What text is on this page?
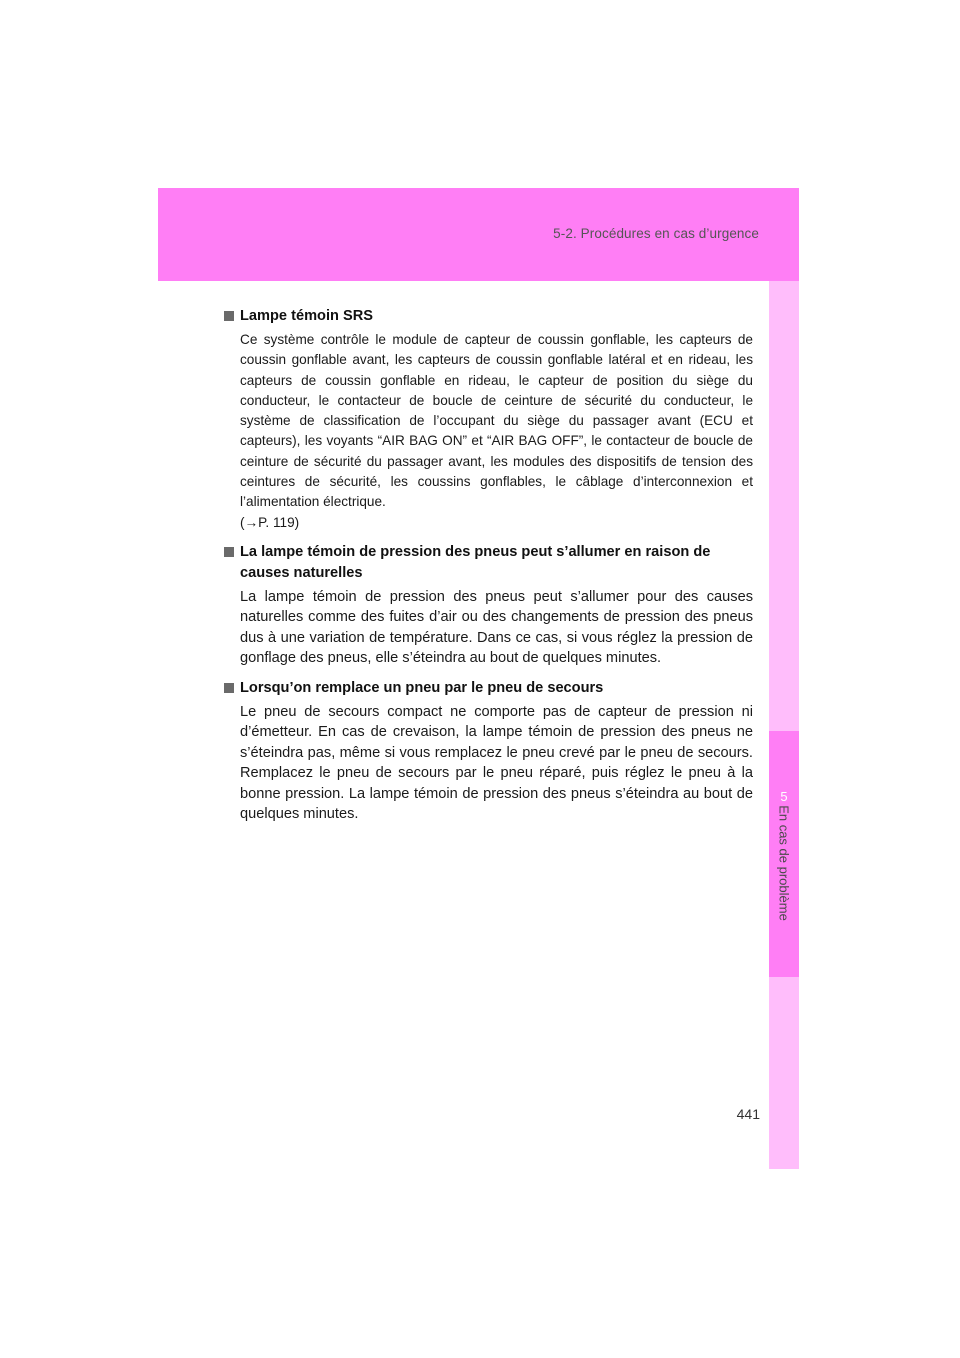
5-2. Procédures en cas d’urgence
5
En cas de problème
Lampe témoin SRS
Ce système contrôle le module de capteur de coussin gonflable, les capteurs de coussin gonflable avant, les capteurs de coussin gonflable latéral et en rideau, les capteurs de coussin gonflable en rideau, le capteur de position du siège du conducteur, le contacteur de boucle de ceinture de sécurité du conducteur, le système de classification de l’occupant du siège du passager avant (ECU et capteurs), les voyants “AIR BAG ON” et “AIR BAG OFF”, le contacteur de boucle de ceinture de sécurité du passager avant, les modules des dispositifs de tension des ceintures de sécurité, les coussins gonflables, le câblage d’interconnexion et l’alimentation électrique.
(→P. 119)
La lampe témoin de pression des pneus peut s’allumer en raison de causes naturelles
La lampe témoin de pression des pneus peut s’allumer pour des causes naturelles comme des fuites d’air ou des changements de pression des pneus dus à une variation de température. Dans ce cas, si vous réglez la pression de gonflage des pneus, elle s’éteindra au bout de quelques minutes.
Lorsqu’on remplace un pneu par le pneu de secours
Le pneu de secours compact ne comporte pas de capteur de pression ni d’émetteur. En cas de crevaison, la lampe témoin de pression des pneus ne s’éteindra pas, même si vous remplacez le pneu crevé par le pneu de secours. Remplacez le pneu de secours par le pneu réparé, puis réglez le pneu à la bonne pression. La lampe témoin de pression des pneus s’éteindra au bout de quelques minutes.
441
